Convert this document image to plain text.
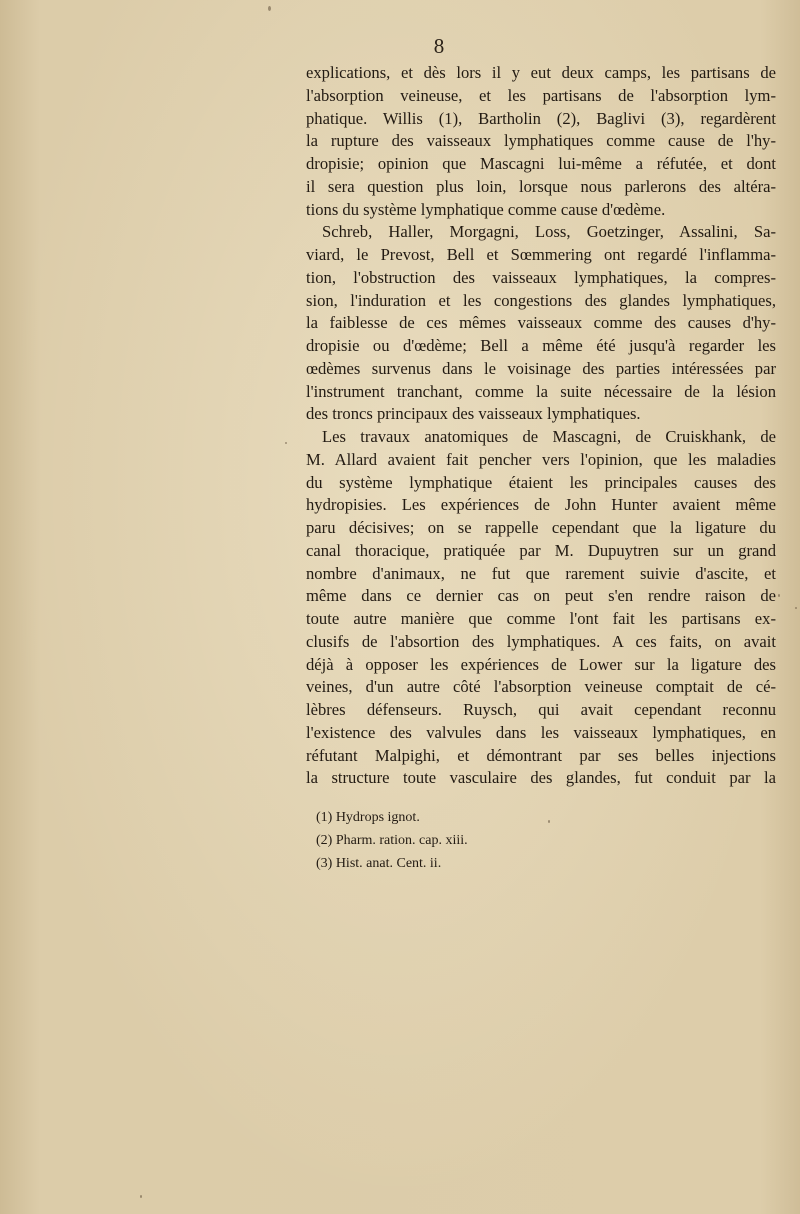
8
explications, et dès lors il y eut deux camps, les partisans de
l'absorption veineuse, et les partisans de l'absorption lym-
phatique. Willis (1), Bartholin (2), Baglivi (3), regardèrent
la rupture des vaisseaux lymphatiques comme cause de l'hy-
dropisie; opinion que Mascagni lui-même a réfutée, et dont
il sera question plus loin, lorsque nous parlerons des altéra-
tions du système lymphatique comme cause d'œdème.
Schreb, Haller, Morgagni, Loss, Goetzinger, Assalini, Sa-
viard, le Prevost, Bell et Sœmmering ont regardé l'inflamma-
tion, l'obstruction des vaisseaux lymphatiques, la compres-
sion, l'induration et les congestions des glandes lymphatiques,
la faiblesse de ces mêmes vaisseaux comme des causes d'hy-
dropisie ou d'œdème; Bell a même été jusqu'à regarder les
œdèmes survenus dans le voisinage des parties intéressées par
l'instrument tranchant, comme la suite nécessaire de la lésion
des troncs principaux des vaisseaux lymphatiques.
Les travaux anatomiques de Mascagni, de Cruiskhank, de
M. Allard avaient fait pencher vers l'opinion, que les maladies
du système lymphatique étaient les principales causes des
hydropisies. Les expériences de John Hunter avaient même
paru décisives; on se rappelle cependant que la ligature du
canal thoracique, pratiquée par M. Dupuytren sur un grand
nombre d'animaux, ne fut que rarement suivie d'ascite, et
même dans ce dernier cas on peut s'en rendre raison de
toute autre manière que comme l'ont fait les partisans ex-
clusifs de l'absortion des lymphatiques. A ces faits, on avait
déjà à opposer les expériences de Lower sur la ligature des
veines, d'un autre côté l'absorption veineuse comptait de cé-
lèbres défenseurs. Ruysch, qui avait cependant reconnu
l'existence des valvules dans les vaisseaux lymphatiques, en
réfutant Malpighi, et démontrant par ses belles injections
la structure toute vasculaire des glandes, fut conduit par la
(1) Hydrops ignot.
(2) Pharm. ration. cap. xiii.
(3) Hist. anat. Cent. ii.
